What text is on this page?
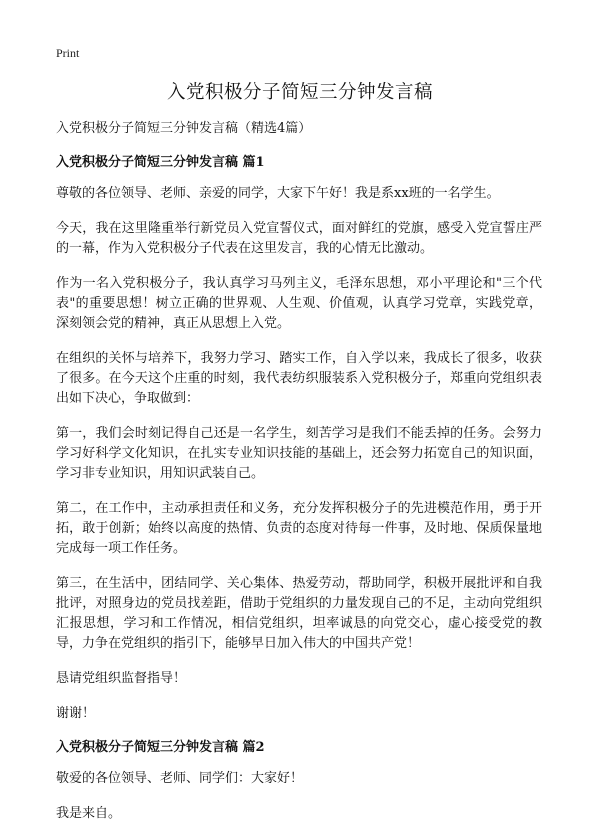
Print
入党积极分子简短三分钟发言稿

入党积极分子简短三分钟发言稿（精选4篇）

入党积极分子简短三分钟发言稿 篇1

尊敬的各位领导、老师、亲爱的同学，大家下午好！我是系xx班的一名学生。

今天，我在这里隆重举行新党员入党宣誓仪式，面对鲜红的党旗，感受入党宣誓庄严的一幕，作为入党积极分子代表在这里发言，我的心情无比激动。

作为一名入党积极分子，我认真学习马列主义，毛泽东思想，邓小平理论和"三个代表"的重要思想！树立正确的世界观、人生观、价值观，认真学习党章，实践党章，深刻领会党的精神，真正从思想上入党。

在组织的关怀与培养下，我努力学习、踏实工作，自入学以来，我成长了很多，收获了很多。在今天这个庄重的时刻，我代表纺织服装系入党积极分子，郑重向党组织表出如下决心，争取做到：

第一，我们会时刻记得自己还是一名学生，刻苦学习是我们不能丢掉的任务。会努力学习好科学文化知识，在扎实专业知识技能的基础上，还会努力拓宽自己的知识面，学习非专业知识，用知识武装自己。

第二，在工作中，主动承担责任和义务，充分发挥积极分子的先进模范作用，勇于开拓，敢于创新；始终以高度的热情、负责的态度对待每一件事，及时地、保质保量地完成每一项工作任务。

第三，在生活中，团结同学、关心集体、热爱劳动，帮助同学，积极开展批评和自我批评，对照身边的党员找差距，借助于党组织的力量发现自己的不足，主动向党组织汇报思想，学习和工作情况，相信党组织，坦率诚恳的向党交心，虚心接受党的教导，力争在党组织的指引下，能够早日加入伟大的中国共产党！

恳请党组织监督指导！

谢谢！

入党积极分子简短三分钟发言稿 篇2

敬爱的各位领导、老师、同学们：大家好！

我是来自。
